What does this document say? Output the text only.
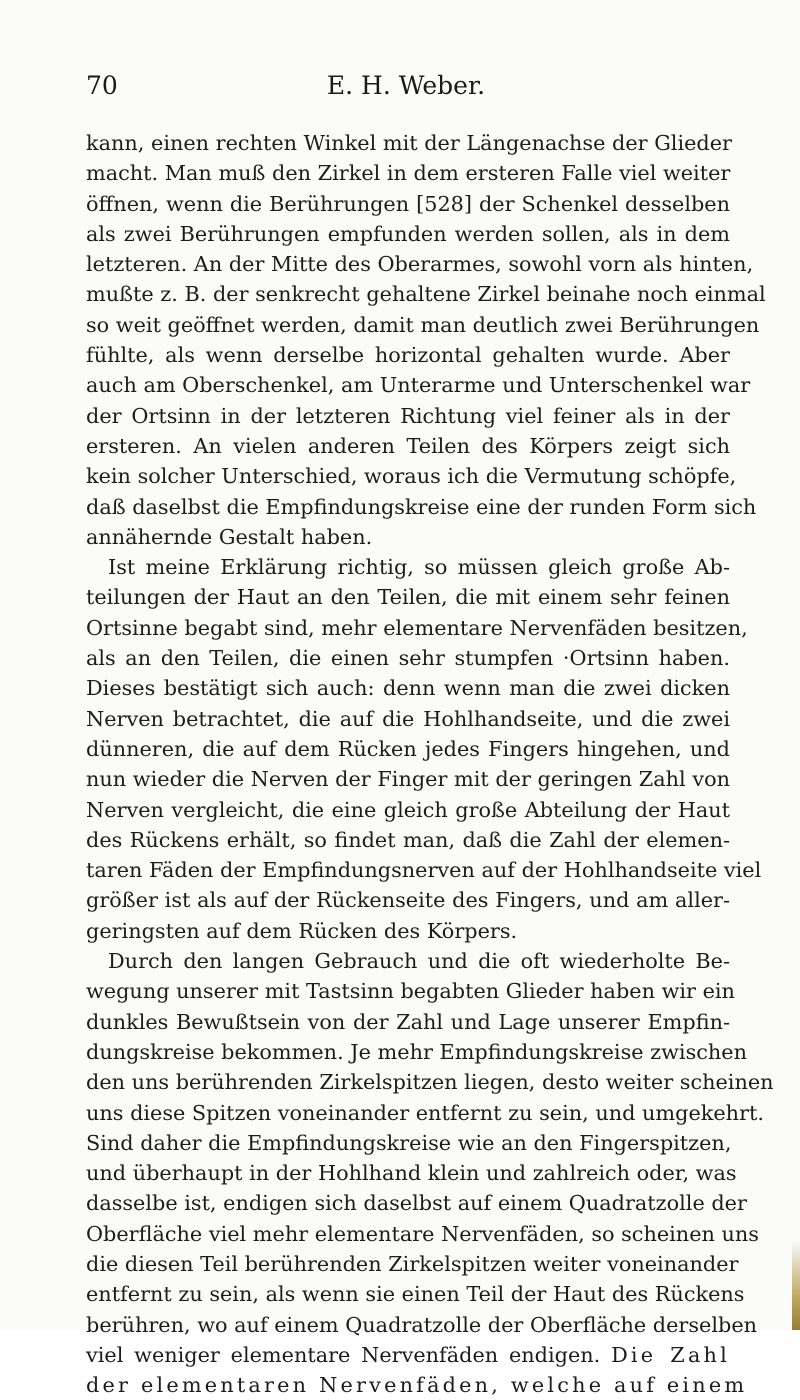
70	E. H. Weber.
kann, einen rechten Winkel mit der Längenachse der Glieder
macht. Man muß den Zirkel in dem ersteren Falle viel weiter
öffnen, wenn die Berührungen [528] der Schenkel desselben
als zwei Berührungen empfunden werden sollen, als in dem
letzteren. An der Mitte des Oberarmes, sowohl vorn als hinten,
mußte z. B. der senkrecht gehaltene Zirkel beinahe noch einmal
so weit geöffnet werden, damit man deutlich zwei Berührungen
fühlte, als wenn derselbe horizontal gehalten wurde. Aber
auch am Oberschenkel, am Unterarme und Unterschenkel war
der Ortsinn in der letzteren Richtung viel feiner als in der
ersteren. An vielen anderen Teilen des Körpers zeigt sich
kein solcher Unterschied, woraus ich die Vermutung schöpfe,
daß daselbst die Empfindungskreise eine der runden Form sich
annähernde Gestalt haben.
Ist meine Erklärung richtig, so müssen gleich große Ab-
teilungen der Haut an den Teilen, die mit einem sehr feinen
Ortsinne begabt sind, mehr elementare Nervenfäden besitzen,
als an den Teilen, die einen sehr stumpfen ·Ortsinn haben.
Dieses bestätigt sich auch: denn wenn man die zwei dicken
Nerven betrachtet, die auf die Hohlhandseite, und die zwei
dünneren, die auf dem Rücken jedes Fingers hingehen, und
nun wieder die Nerven der Finger mit der geringen Zahl von
Nerven vergleicht, die eine gleich große Abteilung der Haut
des Rückens erhält, so findet man, daß die Zahl der elemen-
taren Fäden der Empfindungsnerven auf der Hohlhandseite viel
größer ist als auf der Rückenseite des Fingers, und am aller-
geringsten auf dem Rücken des Körpers.
Durch den langen Gebrauch und die oft wiederholte Be-
wegung unserer mit Tastsinn begabten Glieder haben wir ein
dunkles Bewußtsein von der Zahl und Lage unserer Empfin-
dungskreise bekommen. Je mehr Empfindungskreise zwischen
den uns berührenden Zirkelspitzen liegen, desto weiter scheinen
uns diese Spitzen voneinander entfernt zu sein, und umgekehrt.
Sind daher die Empfindungskreise wie an den Fingerspitzen,
und überhaupt in der Hohlhand klein und zahlreich oder, was
dasselbe ist, endigen sich daselbst auf einem Quadratzolle der
Oberfläche viel mehr elementare Nervenfäden, so scheinen uns
die diesen Teil berührenden Zirkelspitzen weiter voneinander
entfernt zu sein, als wenn sie einen Teil der Haut des Rückens
berühren, wo auf einem Quadratzolle der Oberfläche derselben
viel weniger elementare Nervenfäden endigen. Die Zahl
der elementaren Nervenfäden, welche auf einem
